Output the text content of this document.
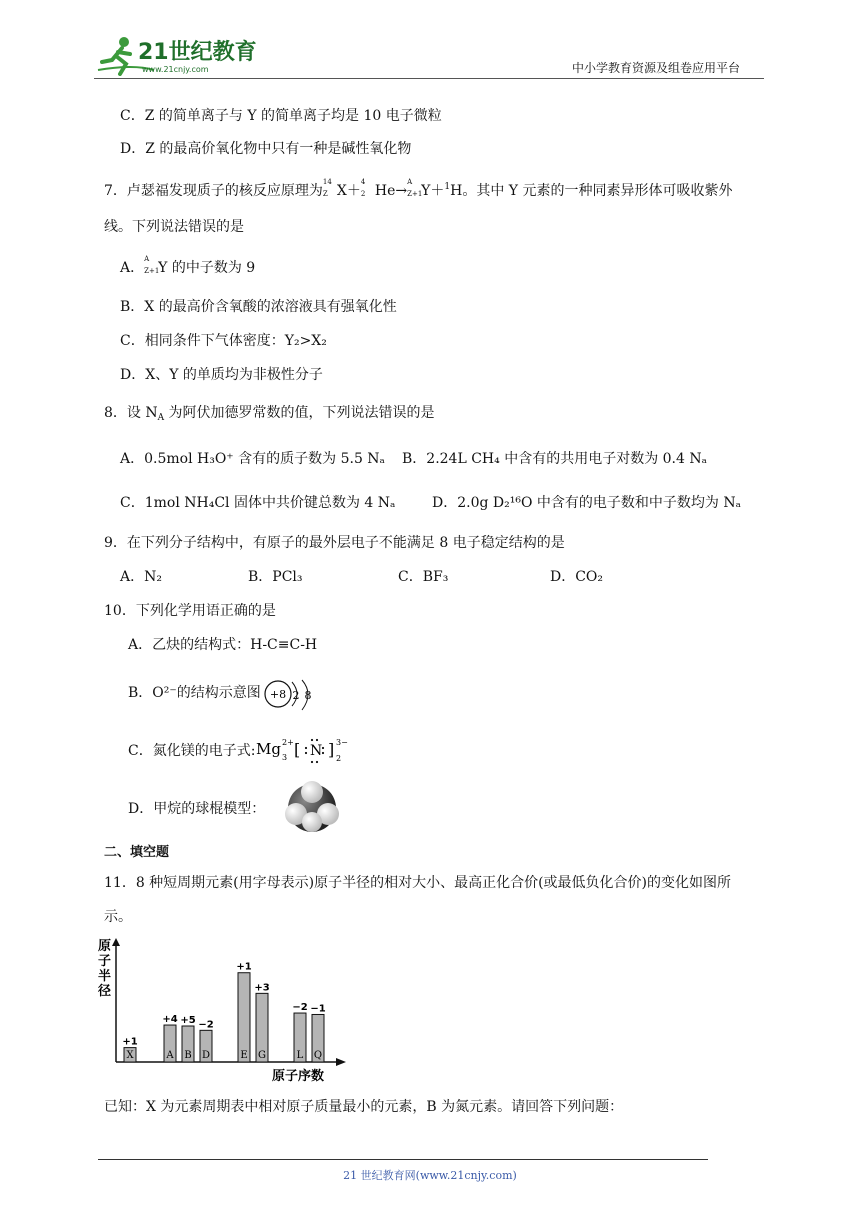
21世纪教育
www.21cnjy.com	中小学教育资源及组卷应用平台
C．Z 的简单离子与 Y 的简单离子均是 10 电子微粒
D．Z 的最高价氧化物中只有一种是碱性氧化物
7．卢瑟福发现质子的核反应原理为
14
Z X＋
4
2 He→
A
Z+1
Y＋$^1$H。其中 Y 元素的一种同素异形体可吸收紫外
线。下列说法错误的是
A．
A
Z+1
Y 的中子数为 9
B．X 的最高价含氧酸的浓溶液具有强氧化性
C．相同条件下气体密度：Y₂>X₂
D．X、Y 的单质均为非极性分子
8．设 $N_A$ 为阿伏加德罗常数的值，下列说法错误的是
A．0.5mol H₃O⁺ 含有的质子数为 5.5 Nₐ B．2.24L CH₄ 中含有的共用电子对数为 0.4 Nₐ
C．1mol NH₄Cl 固体中共价键总数为 4 Nₐ	D．2.0g D₂¹⁶O 中含有的电子数和中子数均为 Nₐ
9．在下列分子结构中，有原子的最外层电子不能满足 8 电子稳定结构的是
A．N₂	B．PCl₃	C．BF₃	D．CO₂
10．下列化学用语正确的是
A．乙炔的结构式：H-C≡C-H
B．O²⁻的结构示意图 +8 2 8
C．氮化镁的电子式: Mg 2+
3 [ N ] 3−
2
D．甲烷的球棍模型：
二、填空题
11．8 种短周期元素(用字母表示)原子半径的相对大小、最高正化合价(或最低负化合价)的变化如图所
示。
原子半径
原子序数
X
+1
A
+4
B
+5
D
−2
E
+1
G
+3
L
−2
Q
−1
已知：X 为元素周期表中相对原子质量最小的元素，B 为氮元素。请回答下列问题：
21 世纪教育网(www.21cnjy.com)
